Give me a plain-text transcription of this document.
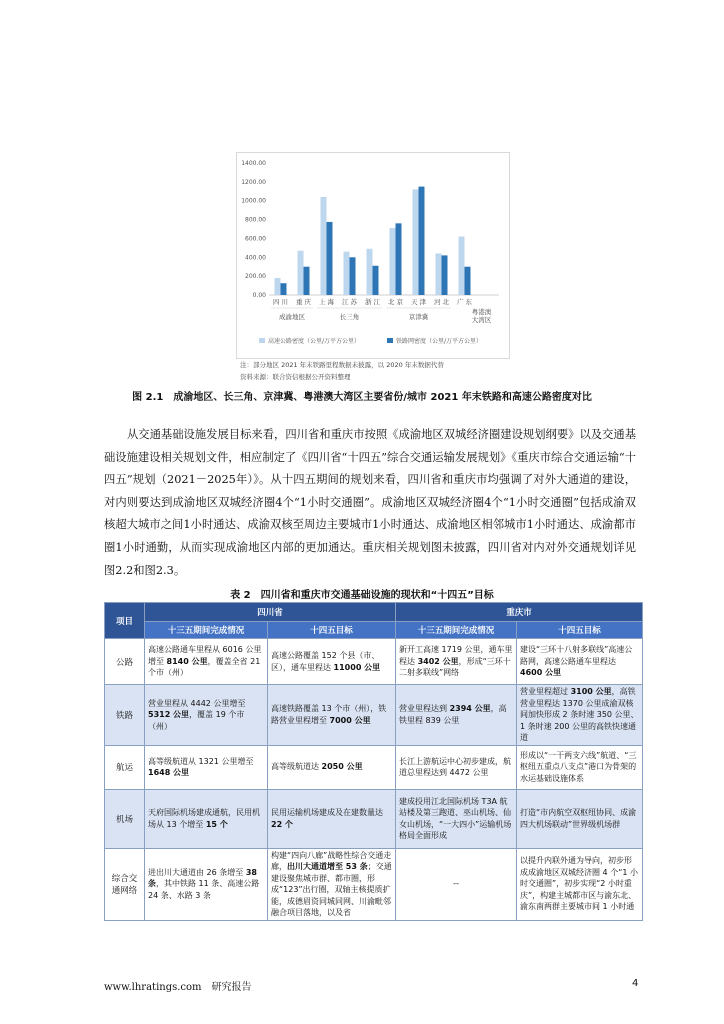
0.00
200.00
400.00
600.00
800.00
1000.00
1200.00
1400.00
四 川 重 庆 上 海 江 苏 浙 江 北 京 天 津 河 北 广 东
粤港澳
大湾区
成渝地区	长三角	京津冀
高速公路密度（公里/万平方公里）	铁路网密度（公里/万平方公里）
注：部分地区 2021 年末铁路里程数据未披露，以 2020 年末数据代替
资料来源：联合资信根据公开资料整理
图 2.1　成渝地区、长三角、京津冀、粤港澳大湾区主要省份/城市 2021 年末铁路和高速公路密度对比

从交通基础设施发展目标来看，四川省和重庆市按照《成渝地区双城经济圈建设规划纲要》以及交通基础设施建设相关规划文件，相应制定了《四川省“十四五”综合交通运输发展规划》《重庆市综合交通运输“十四五”规划（2021－2025年）》。从十四五期间的规划来看，四川省和重庆市均强调了对外大通道的建设，对内则要达到成渝地区双城经济圈4个“1小时交通圈”。成渝地区双城经济圈4个“1小时交通圈”包括成渝双核超大城市之间1小时通达、成渝双核至周边主要城市1小时通达、成渝地区相邻城市1小时通达、成渝都市圈1小时通勤，从而实现成渝地区内部的更加通达。重庆相关规划图未披露，四川省对内对外交通规划详见图2.2和图2.3。

表 2　四川省和重庆市交通基础设施的现状和“十四五”目标
项目	四川省		重庆市	
	十三五期间完成情况	十四五目标	十三五期间完成情况	十四五目标
公路	高速公路通车里程从 6016 公里增至 8140 公里，覆盖全省 21 个市（州）	高速公路覆盖 152 个县（市、区），通车里程达 11000 公里	新开工高速 1719 公里，通车里程达 3402 公里，形成“三环十二射多联线”网络	建设“三环十八射多联线”高速公路网，高速公路通车里程达 4600 公里
铁路	营业里程从 4442 公里增至 5312 公里，覆盖 19 个市（州）	高速铁路覆盖 13 个市（州），铁路营业里程增至 7000 公里	营业里程达到 2394 公里，高铁里程 839 公里	营业里程超过 3100 公里，高铁营业里程达 1370 公里成渝双核间加快形成 2 条时速 350 公里、1 条时速 200 公里的高铁快速通道
航运	高等级航道从 1321 公里增至 1648 公里	高等级航道达 2050 公里	长江上游航运中心初步建成，航道总里程达到 4472 公里	形成以“一干两支六线”航道、“三枢纽五重点八支点”港口为骨架的水运基础设施体系
机场	天府国际机场建成通航，民用机场从 13 个增至 15 个	民用运输机场建成及在建数量达 22 个	建成投用江北国际机场 T3A 航站楼及第三跑道、巫山机场、仙女山机场，“一大四小”运输机场格局全面形成	打造“市内航空双枢纽协同、成渝四大机场联动”世界级机场群
综合交通网络	进出川大通道由 26 条增至 38 条，其中铁路 11 条、高速公路 24 条、水路 3 条	构建“四向八廊”战略性综合交通走廊，出川大通道增至 53 条；交通建设聚焦城市群、都市圈，形成“123”出行圈，双轴主核提质扩能，成德眉资同城同网、川渝毗邻融合项目落地，以及省	--	以提升内联外通为导向，初步形成成渝地区双城经济圈 4 个“1 小时交通圈”，初步实现“2 小时重庆”，构建主城都市区与渝东北、渝东南两群主要城市间 1 小时通
www.lhratings.com　研究报告	4
